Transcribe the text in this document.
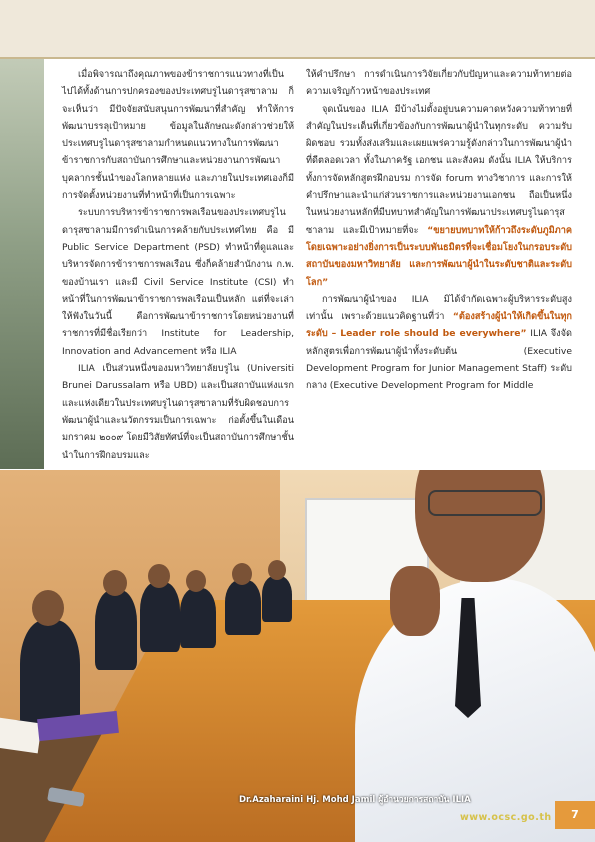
เมื่อพิจารณาถึงคุณภาพของข้าราชการแนวทางที่เป็นไปได้ทั้งด้านการปกครองของประเทศบรูไนดารุสซาลาม ก็จะเห็นว่า มีปัจจัยสนับสนุนการพัฒนาที่สำคัญ ทำให้การพัฒนาบรรลุเป้าหมาย ข้อมูลในลักษณะดังกล่าวช่วยให้ประเทศบรูไนดารุสซาลามกำหนดแนวทางในการพัฒนาข้าราชการกับสถาบันการศึกษาและหน่วยงานการพัฒนาบุคลากรชั้นนำของโลกหลายแห่ง และภายในประเทศเองก็มีการจัดตั้งหน่วยงานที่ทำหน้าที่เป็นการเฉพาะ

ระบบการบริหารข้าราชการพลเรือนของประเทศบรูไนดารุสซาลามมีการดำเนินการคล้ายกับประเทศไทย คือ มี Public Service Department (PSD) ทำหน้าที่ดูแลและบริหารจัดการข้าราชการพลเรือน ซึ่งก็คล้ายสำนักงาน ก.พ. ของบ้านเรา และมี Civil Service Institute (CSI) ทำหน้าที่ในการพัฒนาข้าราชการพลเรือนเป็นหลัก แต่ที่จะเล่าให้ฟังในวันนี้ คือการพัฒนาข้าราชการโดยหน่วยงานที่ราชการที่มีชื่อเรียกว่า Institute for Leadership, Innovation and Advancement หรือ ILIA

ILIA เป็นส่วนหนึ่งของมหาวิทยาลัยบรูไน (Universiti Brunei Darussalam หรือ UBD) และเป็นสถาบันแห่งแรกและแห่งเดียวในประเทศบรูไนดารุสซาลามที่รับผิดชอบการพัฒนาผู้นำและนวัตกรรมเป็นการเฉพาะ ก่อตั้งขึ้นในเดือนมกราคม ๒๐๐๙ โดยมีวิสัยทัศน์ที่จะเป็นสถาบันการศึกษาชั้นนำในการฝึกอบรมและ

ให้คำปรึกษา การดำเนินการวิจัยเกี่ยวกับปัญหาและความท้าทายต่อความเจริญก้าวหน้าของประเทศ

จุดเน้นของ ILIA มีบ้างไม่ตั้งอยู่บนความคาดหวังความท้าทายที่สำคัญในประเด็นที่เกี่ยวข้องกับการพัฒนาผู้นำในทุกระดับ ความรับผิดชอบ รวมทั้งส่งเสริมและเผยแพร่ความรู้ดังกล่าวในการพัฒนาผู้นำที่ดีตลอดเวลา ทั้งในภาครัฐ เอกชน และสังคม ดังนั้น ILIA ให้บริการทั้งการจัดหลักสูตรฝึกอบรม การจัด forum ทางวิชาการ และการให้คำปรึกษาและนำแก่ส่วนราชการและหน่วยงานเอกชน ถือเป็นหนึ่งในหน่วยงานหลักที่มีบทบาทสำคัญในการพัฒนาประเทศบรูไนดารุสซาลาม และมีเป้าหมายที่จะ “ขยายบทบาทให้ก้าวถึงระดับภูมิภาค โดยเฉพาะอย่างยิ่งการเป็นระบบพันธมิตรที่จะเชื่อมโยงในกรอบระดับสถาบันของมหาวิทยาลัย และการพัฒนาผู้นำในระดับชาติและระดับโลก”

การพัฒนาผู้นำของ ILIA มิได้จำกัดเฉพาะผู้บริหารระดับสูงเท่านั้น เพราะด้วยแนวคิดฐานที่ว่า “ต้องสร้างผู้นำให้เกิดขึ้นในทุกระดับ – Leader role should be everywhere” ILIA จึงจัดหลักสูตรเพื่อการพัฒนาผู้นำทั้งระดับต้น (Executive Development Program for Junior Management Staff) ระดับกลาง (Executive Development Program for Middle

Dr.Azaharaini Hj. Mohd Jamil ผู้อำนวยการสถาบัน ILIA
www.ocsc.go.th	7
